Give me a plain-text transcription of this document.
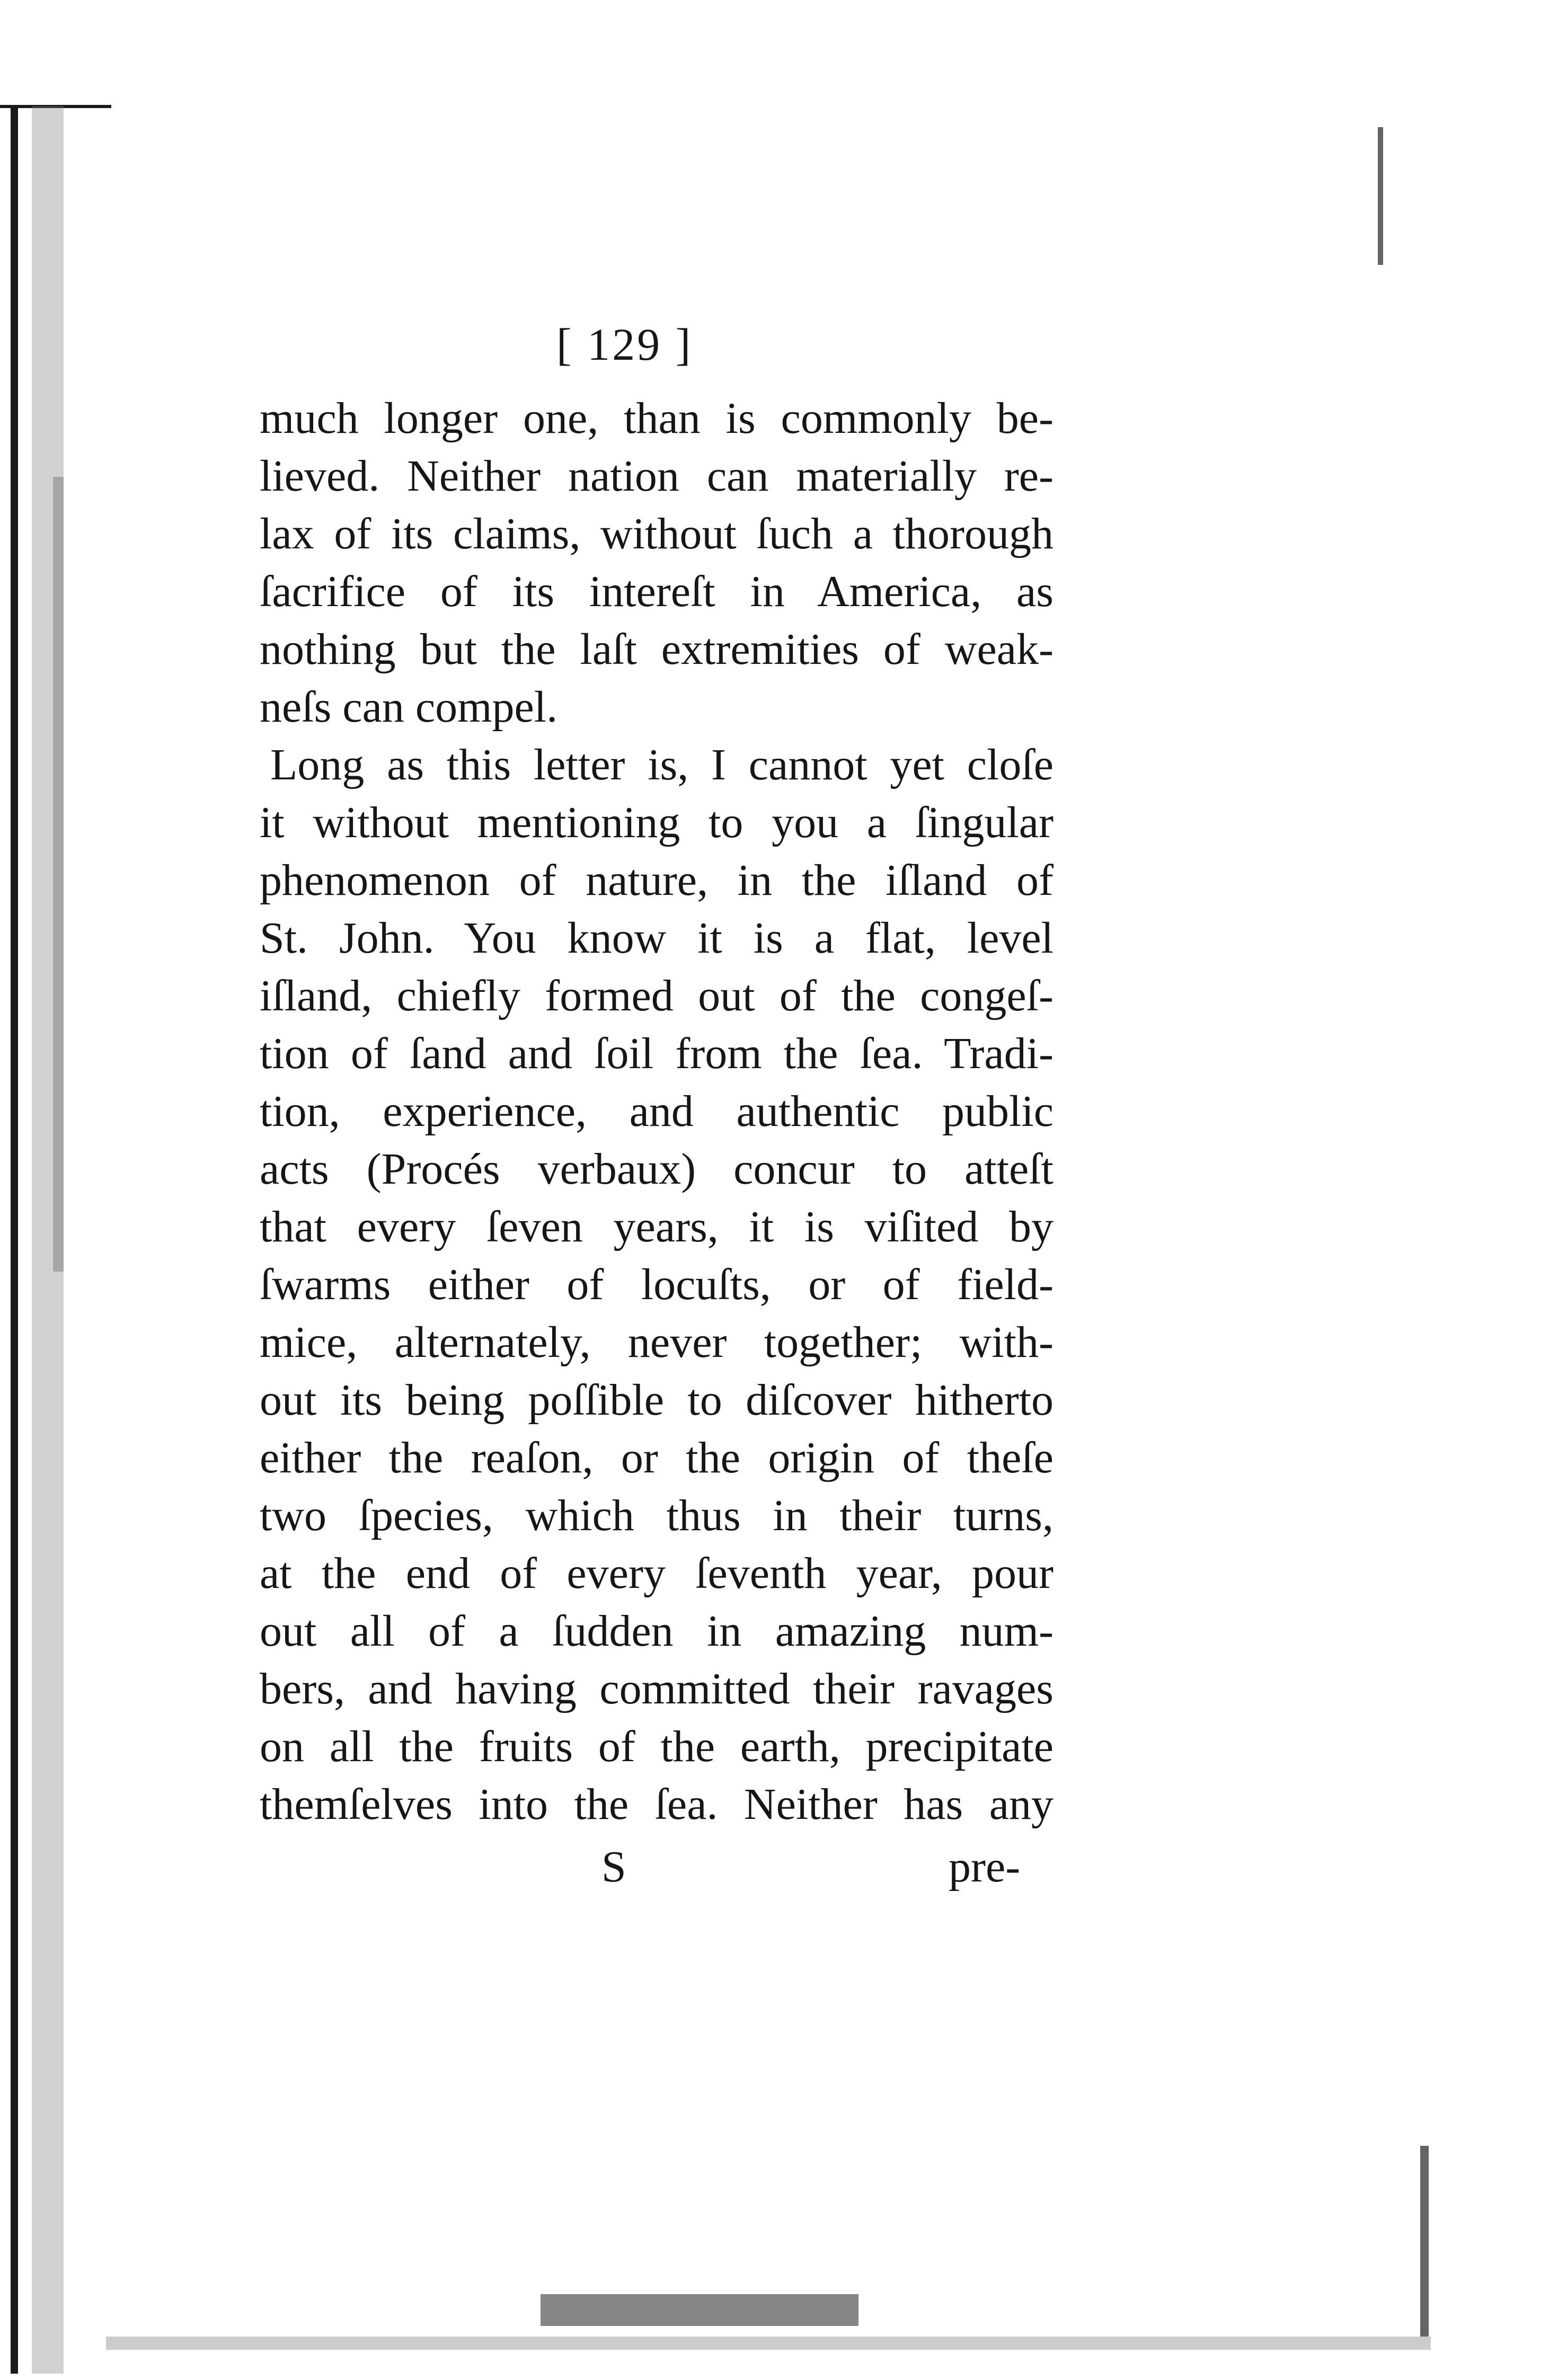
[ 129 ]
much longer one, than is commonly be-
lieved. Neither nation can materially re-
lax of its claims, without ſuch a thorough
ſacrifice of its intereſt in America, as
nothing but the laſt extremities of weak-
neſs can compel.
Long as this letter is, I cannot yet cloſe
it without mentioning to you a ſingular
phenomenon of nature, in the iſland of
St. John. You know it is a flat, level
iſland, chiefly formed out of the congeſ-
tion of ſand and ſoil from the ſea. Tradi-
tion, experience, and authentic public
acts (Procés verbaux) concur to atteſt
that every ſeven years, it is viſited by
ſwarms either of locuſts, or of field-
mice, alternately, never together; with-
out its being poſſible to diſcover hitherto
either the reaſon, or the origin of theſe
two ſpecies, which thus in their turns,
at the end of every ſeventh year, pour
out all of a ſudden in amazing num-
bers, and having committed their ravages
on all the fruits of the earth, precipitate
themſelves into the ſea. Neither has any
S	pre-
